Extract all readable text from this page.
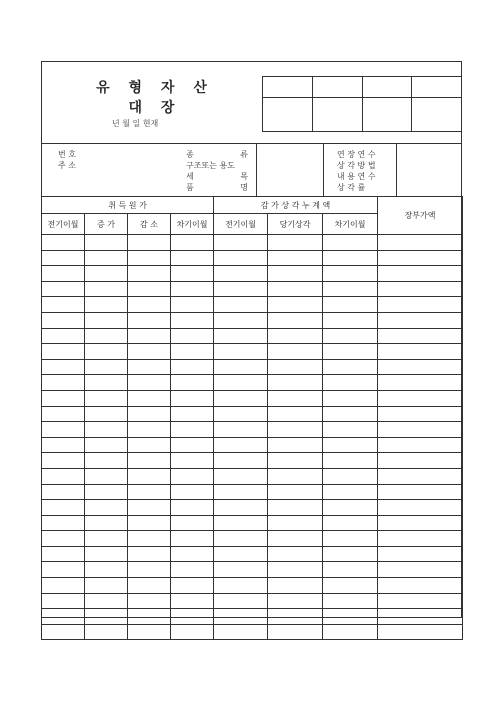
유 형 자 산 대 장
년 월 일 현재

번 호
주 소
종	류
구조또는 용도
세	목
품	명
연 장 연 수
상 각 방 법
내 용 연 수
상 각 률
취 득 원 가				감 가 상 각 누 계 액			장부가액
전기이월	증 가	감 소	차기이월	전기이월	당기상각	차기이월	
